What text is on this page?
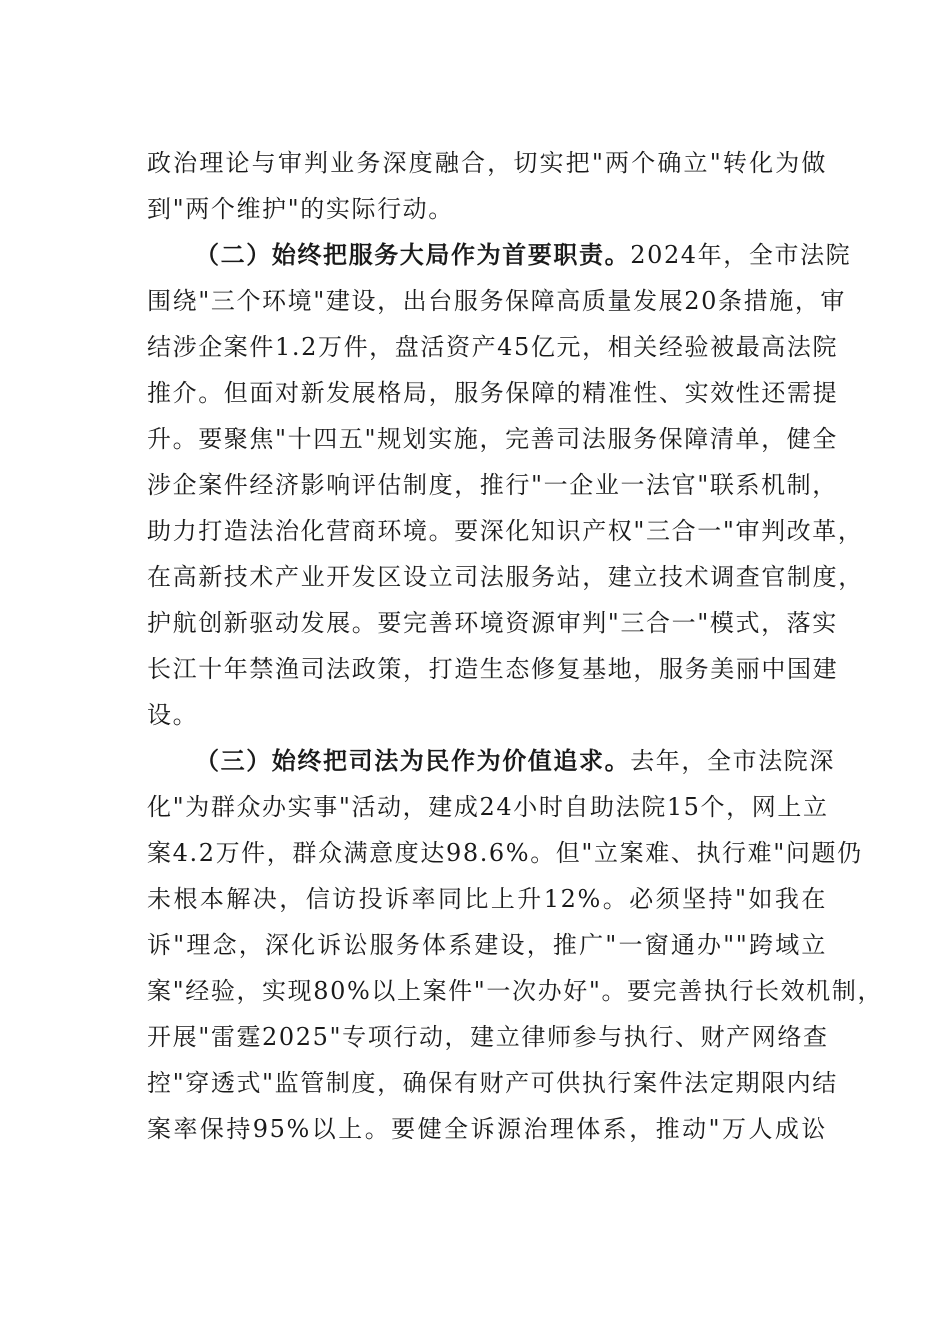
政治理论与审判业务深度融合，切实把"两个确立"转化为做
到"两个维护"的实际行动。
（二）始终把服务大局作为首要职责。2024年，全市法院
围绕"三个环境"建设，出台服务保障高质量发展20条措施，审
结涉企案件1.2万件，盘活资产45亿元，相关经验被最高法院
推介。但面对新发展格局，服务保障的精准性、实效性还需提
升。要聚焦"十四五"规划实施，完善司法服务保障清单，健全
涉企案件经济影响评估制度，推行"一企业一法官"联系机制，
助力打造法治化营商环境。要深化知识产权"三合一"审判改革，
在高新技术产业开发区设立司法服务站，建立技术调查官制度，
护航创新驱动发展。要完善环境资源审判"三合一"模式，落实
长江十年禁渔司法政策，打造生态修复基地，服务美丽中国建
设。
（三）始终把司法为民作为价值追求。去年，全市法院深
化"为群众办实事"活动，建成24小时自助法院15个，网上立
案4.2万件，群众满意度达98.6%。但"立案难、执行难"问题仍
未根本解决，信访投诉率同比上升12%。必须坚持"如我在
诉"理念，深化诉讼服务体系建设，推广"一窗通办""跨域立
案"经验，实现80%以上案件"一次办好"。要完善执行长效机制，
开展"雷霆2025"专项行动，建立律师参与执行、财产网络查
控"穿透式"监管制度，确保有财产可供执行案件法定期限内结
案率保持95%以上。要健全诉源治理体系，推动"万人成讼
